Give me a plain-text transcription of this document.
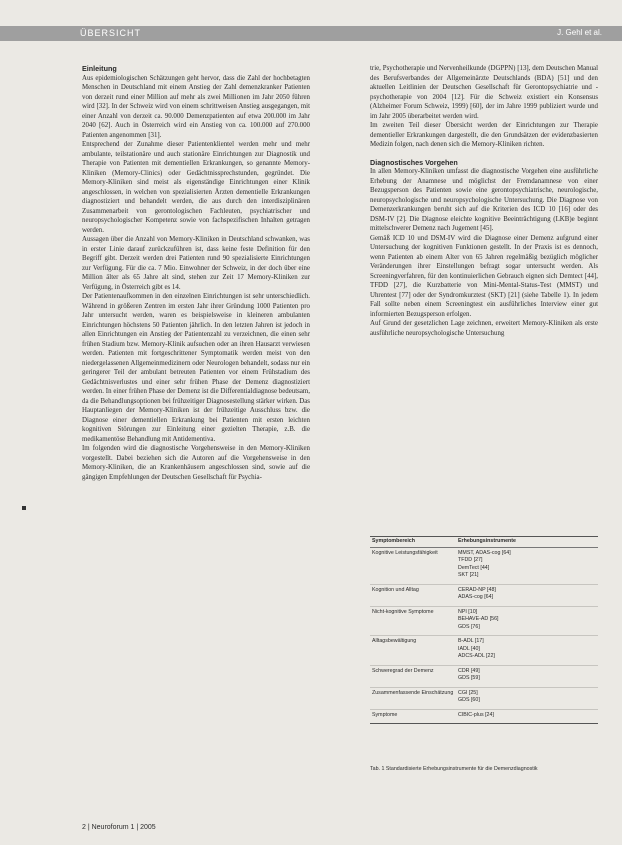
ÜBERSICHT	J. Gehl et al.

Einleitung

Aus epidemiologischen Schätzungen geht hervor, dass die Zahl der hochbetagten Menschen in Deutschland mit einem Anstieg der Zahl demenzkranker Patienten von derzeit rund einer Million auf mehr als zwei Millionen im Jahr 2050 führen wird [32]. In der Schweiz wird von einem schrittweisen Anstieg ausgegangen, mit einer Anzahl von derzeit ca. 90.000 Demenzpatienten auf etwa 200.000 im Jahr 2040 [62]. Auch in Österreich wird ein Anstieg von ca. 100.000 auf 270.000 Patienten angenommen [31].

Entsprechend der Zunahme dieser Patientenklientel werden mehr und mehr ambulante, teilstationäre und auch stationäre Einrichtungen zur Diagnostik und Therapie von Patienten mit dementiellen Erkrankungen, so genannte Memory-Kliniken (Memory-Clinics) oder Gedächtnissprechstunden, gegründet. Die Memory-Kliniken sind meist als eigenständige Einrichtungen einer Klinik angeschlossen, in welchen von spezialisierten Ärzten dementielle Erkrankungen diagnostiziert und behandelt werden, die aus durch den interdisziplinären Zusammenarbeit von gerontologischen Fachleuten, psychiatrischer und neuropsychologischer Kompetenz sowie von fachspezifischen Inhalten getragen werden.

Aussagen über die Anzahl von Memory-Kliniken in Deutschland schwanken, was in erster Linie darauf zurückzuführen ist, dass keine feste Definition für den Begriff gibt. Derzeit werden drei Patienten rund 90 spezialisierte Einrichtungen zur Verfügung. Für die ca. 7 Mio. Einwohner der Schweiz, in der doch über eine Million älter als 65 Jahre alt sind, stehen zur Zeit 17 Memory-Kliniken zur Verfügung, in Österreich gibt es 14.

Der Patientenaufkommen in den einzelnen Einrichtungen ist sehr unterschiedlich. Während in größeren Zentren im ersten Jahr ihrer Gründung 1000 Patienten pro Jahr untersucht werden, waren es beispielsweise in kleineren ambulanten Einrichtungen höchstens 50 Patienten jährlich. In den letzten Jahren ist jedoch in allen Einrichtungen ein Anstieg der Patientenzahl zu verzeichnen, die einen sehr frühen Stadium bzw. Memory-Klinik aufsuchen oder an ihren Hausarzt verwiesen werden. Patienten mit fortgeschrittener Symptomatik werden meist von den niedergelassenen Allgemeinmedizinern oder Neurologen behandelt, sodass nur ein geringerer Teil der ambulant betreuten Patienten vor einem Frühstadium des Gedächtnisverlustes und einer sehr frühen Phase der Demenz diagnostiziert werden. In einer frühen Phase der Demenz ist die Differentialdiagnose bedeutsam, da die Behandlungsoptionen bei frühzeitiger Diagnosestellung stärker wirken. Das Hauptanliegen der Memory-Kliniken ist der frühzeitige Ausschluss bzw. die Diagnose einer dementiellen Erkrankung bei Patienten mit ersten leichten kognitiven Störungen zur Einleitung einer gezielten Therapie, z.B. die medikamentöse Behandlung mit Antidementiva.

Im folgenden wird die diagnostische Vorgehensweise in den Memory-Kliniken vorgestellt. Dabei beziehen sich die Autoren auf die Vorgehensweise in den Memory-Kliniken, die an Krankenhäusern angeschlossen sind, sowie auf die gängigen Empfehlungen der Deutschen Gesellschaft für Psychia-

trie, Psychotherapie und Nervenheilkunde (DGPPN) [13], dem Deutschen Manual des Berufsverbandes der Allgemeinärzte Deutschlands (BDA) [51] und den aktuellen Leitlinien der Deutschen Gesellschaft für Gerontopsychiatrie und -psychotherapie von 2004 [12]. Für die Schweiz existiert ein Konsensus (Alzheimer Forum Schweiz, 1999) [60], der im Jahre 1999 publiziert wurde und im Jahr 2005 überarbeitet werden wird.

Im zweiten Teil dieser Übersicht werden der Einrichtungen zur Therapie dementieller Erkrankungen dargestellt, die den Grundsätzen der evidenzbasierten Medizin folgen, nach denen sich die Memory-Kliniken richten.

Diagnostisches Vorgehen

In allen Memory-Kliniken umfasst die diagnostische Vorgehen eine ausführliche Erhebung der Anamnese und möglichst der Fremdanamnese von einer Bezugsperson des Patienten sowie eine gerontopsychiatrische, neurologische, neuropsychologische und neuropsychologische Untersuchung. Die Diagnose von Demenzerkrankungen beruht sich auf die Kriterien des ICD 10 [16] oder des DSM-IV [2]. Die Diagnose eleichte kognitive Beeinträchtigung (LKB)e beginnt mittelschwerer Demenz nach Jugement [45].

Gemäß ICD 10 und DSM-IV wird die Diagnose einer Demenz aufgrund einer Untersuchung der kognitiven Funktionen gestellt. In der Praxis ist es dennoch, wenn Patienten ab einem Alter von 65 Jahren regelmäßig bezüglich möglicher Veränderungen ihrer Einstellungen befragt sogar untersucht werden. Als Screeningverfahren, für den kontinuierlichen Gebrauch eignen sich Demtect [44], TFDD [27], die Kurzbatterie von Mini-Mental-Status-Test (MMST) und Uhrentest [77] oder der Syndromkurztest (SKT) [21] (siehe Tabelle 1). In jedem Fall sollte neben einem Screeningtest ein ausführliches Interview einer gut informierten Bezugsperson erfolgen.

Auf Grund der gesetzlichen Lage zeichnen, erweitert Memory-Kliniken als erste ausführliche neuropsychologische Untersuchung

Symptombereich	Erhebungsinstrumente
Kognitive Leistungsfähigkeit	MMST, ADAS-cog [64]
TFDD [27]
DemTect [44]
SKT [21]
Kognition und Alltag	CERAD-NP [48]
ADAS-cog [64]
Nicht-kognitive Symptome	NPI [10]
BEHAVE-AD [56]
GDS [76]
Alltagsbewältigung	B-ADL [17]
IADL [40]
ADCS-ADL [22]
Schweregrad der Demenz	CDR [49]
GDS [59]
Zusammenfassende Einschätzung CGI [25]
GDS [60]
Symptome	CIBIC-plus [24]
Tab. 1 Standardisierte Erhebungsinstrumente für die Demenzdiagnostik
2 | Neuroforum 1 | 2005
